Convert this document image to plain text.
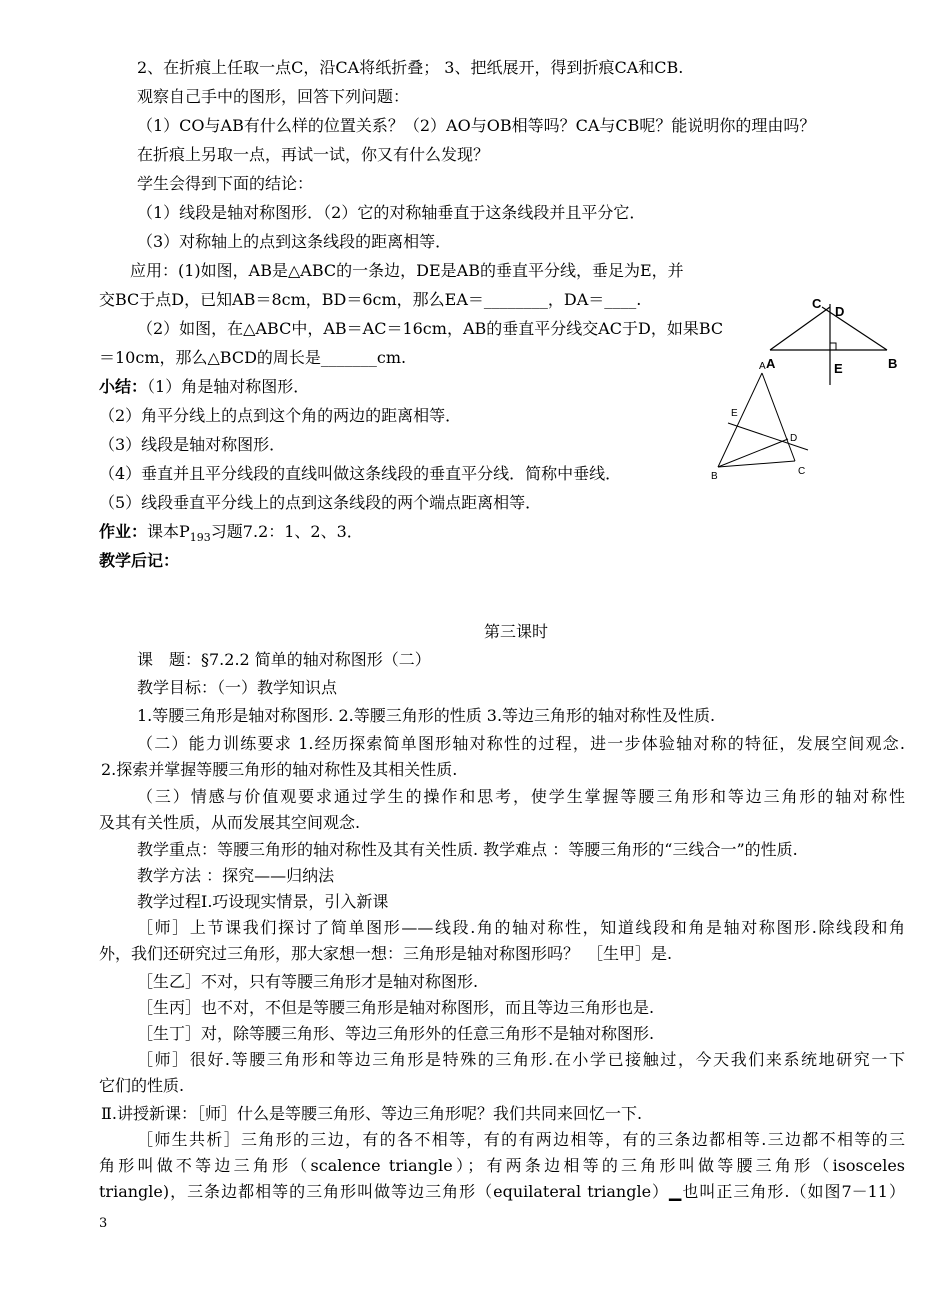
2、在折痕上任取一点C，沿CA将纸折叠； 3、把纸展开，得到折痕CA和CB.
观察自己手中的图形，回答下列问题：
（1）CO与AB有什么样的位置关系？（2）AO与OB相等吗？CA与CB呢？能说明你的理由吗？
在折痕上另取一点，再试一试，你又有什么发现？
学生会得到下面的结论：
（1）线段是轴对称图形．（2）它的对称轴垂直于这条线段并且平分它．
（3）对称轴上的点到这条线段的距离相等．
应用：(1)如图，AB是△ABC的一条边，DE是AB的垂直平分线，垂足为E，并
交BC于点D，已知AB＝8cm，BD＝6cm，那么EA＝________，DA＝____.
（2）如图，在△ABC中，AB＝AC＝16cm，AB的垂直平分线交AC于D，如果BC
＝10cm，那么△BCD的周长是_______cm.
小结：（1）角是轴对称图形．
（2）角平分线上的点到这个角的两边的距离相等．
（3）线段是轴对称图形．
（4）垂直并且平分线段的直线叫做这条线段的垂直平分线．简称中垂线．
（5）线段垂直平分线上的点到这条线段的两个端点距离相等．
作业：课本$P_{193}$习题7.2：1、2、3．
教学后记：
第三课时
课　题：§7.2.2 简单的轴对称图形（二）
教学目标：（一）教学知识点
1.等腰三角形是轴对称图形. 2.等腰三角形的性质 3.等边三角形的轴对称性及性质.
（二）能力训练要求 1.经历探索简单图形轴对称性的过程，进一步体验轴对称的特征，发展空间观念.
2.探索并掌握等腰三角形的轴对称性及其相关性质.
（三）情感与价值观要求通过学生的操作和思考，使学生掌握等腰三角形和等边三角形的轴对称性
及其有关性质，从而发展其空间观念.
教学重点：等腰三角形的轴对称性及其有关性质. 教学难点 ：等腰三角形的“三线合一”的性质.
教学方法 ：探究——归纳法
教学过程Ⅰ.巧设现实情景，引入新课
［师］上节课我们探讨了简单图形——线段.角的轴对称性，知道线段和角是轴对称图形.除线段和角
外，我们还研究过三角形，那大家想一想：三角形是轴对称图形吗？　［生甲］是.
［生乙］不对，只有等腰三角形才是轴对称图形.
［生丙］也不对，不但是等腰三角形是轴对称图形，而且等边三角形也是.
［生丁］对，除等腰三角形、等边三角形外的任意三角形不是轴对称图形.
［师］很好.等腰三角形和等边三角形是特殊的三角形.在小学已接触过，今天我们来系统地研究一下
它们的性质.
Ⅱ.讲授新课：［师］什么是等腰三角形、等边三角形呢？我们共同来回忆一下.
［师生共析］三角形的三边，有的各不相等，有的有两边相等，有的三条边都相等.三边都不相等的三
角形叫做不等边三角形（scalence triangle）；有两条边相等的三角形叫做等腰三角形（isosceles
triangle)，三条边都相等的三角形叫做等边三角形（equilateral triangle）▁也叫正三角形.（如图7－11）
3
C
D
A	E	B
A
E
D
B	C
